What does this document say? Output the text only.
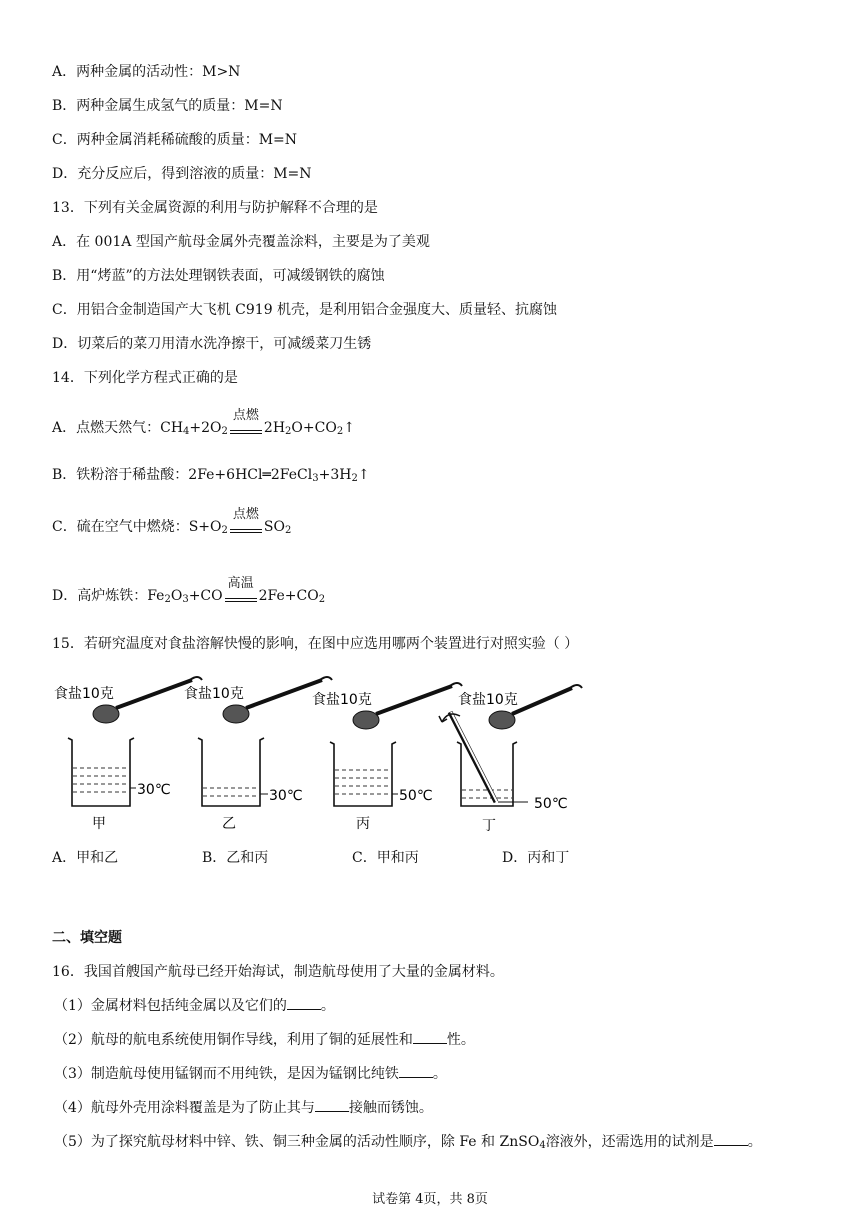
A．两种金属的活动性：M>N
B．两种金属生成氢气的质量：M=N
C．两种金属消耗稀硫酸的质量：M=N
D．充分反应后，得到溶液的质量：M=N
13．下列有关金属资源的利用与防护解释不合理的是
A．在 001A 型国产航母金属外壳覆盖涂料，主要是为了美观
B．用“烤蓝”的方法处理钢铁表面，可减缓钢铁的腐蚀
C．用铝合金制造国产大飞机 C919 机壳，是利用铝合金强度大、质量轻、抗腐蚀
D．切菜后的菜刀用清水洗净擦干，可减缓菜刀生锈
14．下列化学方程式正确的是
A．点燃天然气：$CH_4+2O_2$
点燃
$2H_2O+CO_2↑$
B．铁粉溶于稀盐酸：$2Fe+6HCl═2FeCl_3+3H_2↑$
C．硫在空气中燃烧：$S+O_2$
点燃
$SO_2$
D．高炉炼铁：$Fe_2O_3+CO$
高温
$2Fe+CO_2$
15．若研究温度对食盐溶解快慢的影响，在图中应选用哪两个装置进行对照实验（ ）
食盐10克
30℃
甲
食盐10克
30℃
乙
食盐10克
50℃
丙
食盐10克
50℃
丁
A．甲和乙	B．乙和丙	C．甲和丙	D．丙和丁
二、填空题
16．我国首艘国产航母已经开始海试，制造航母使用了大量的金属材料。
（1）金属材料包括纯金属以及它们的 。
（2）航母的航电系统使用铜作导线，利用了铜的延展性和 性。
（3）制造航母使用锰钢而不用纯铁，是因为锰钢比纯铁 。
（4）航母外壳用涂料覆盖是为了防止其与 接触而锈蚀。
（5）为了探究航母材料中锌、铁、铜三种金属的活动性顺序，除 Fe 和 ZnSO$_4$溶液外，还需选用的试剂是 。
试卷第 4页，共 8页
